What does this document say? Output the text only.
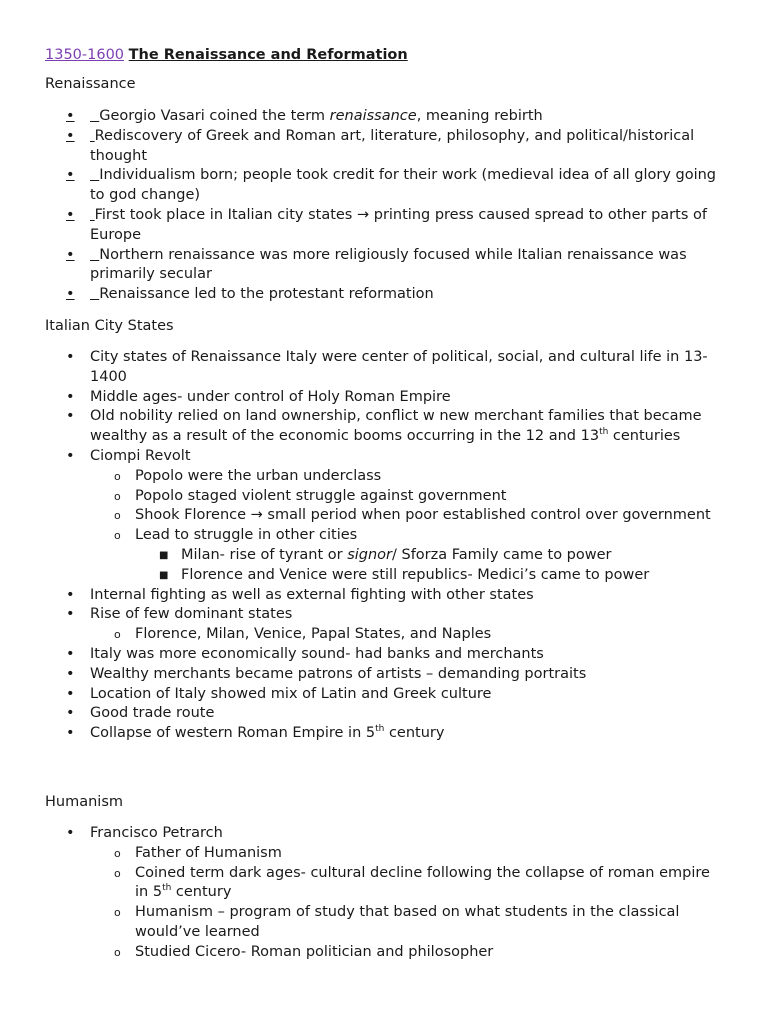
1350-1600 The Renaissance and Reformation
Renaissance
• Georgio Vasari coined the term renaissance, meaning rebirth
• Rediscovery of Greek and Roman art, literature, philosophy, and political/historical thought
• Individualism born; people took credit for their work (medieval idea of all glory going to god change)
• First took place in Italian city states → printing press caused spread to other parts of Europe
• Northern renaissance was more religiously focused while Italian renaissance was primarily secular
• Renaissance led to the protestant reformation
Italian City States
• City states of Renaissance Italy were center of political, social, and cultural life in 13-1400
• Middle ages- under control of Holy Roman Empire
• Old nobility relied on land ownership, conflict w new merchant families that became wealthy as a result of the economic booms occurring in the 12 and 13th centuries
• Ciompi Revolt
o Popolo were the urban underclass
o Popolo staged violent struggle against government
o Shook Florence → small period when poor established control over government
o Lead to struggle in other cities
■ Milan- rise of tyrant or signor/ Sforza Family came to power
■ Florence and Venice were still republics- Medici’s came to power
• Internal fighting as well as external fighting with other states
• Rise of few dominant states
o Florence, Milan, Venice, Papal States, and Naples
• Italy was more economically sound- had banks and merchants
• Wealthy merchants became patrons of artists – demanding portraits
• Location of Italy showed mix of Latin and Greek culture
• Good trade route
• Collapse of western Roman Empire in 5th century
Humanism
• Francisco Petrarch
o Father of Humanism
o Coined term dark ages- cultural decline following the collapse of roman empire in 5th century
o Humanism – program of study that based on what students in the classical would’ve learned
o Studied Cicero- Roman politician and philosopher
